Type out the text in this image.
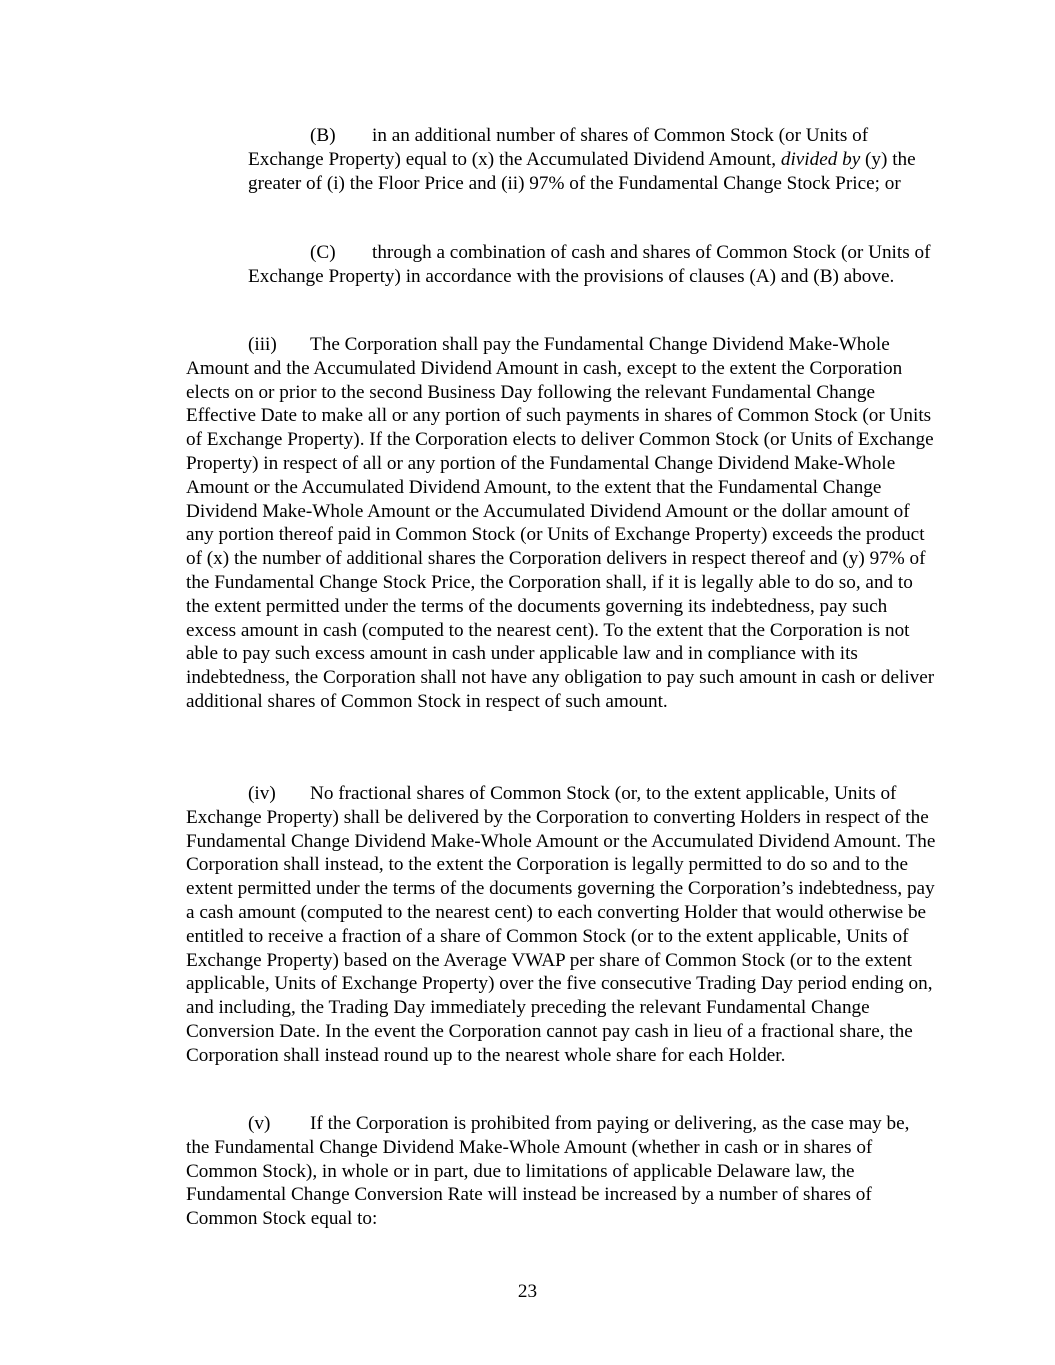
(B) in an additional number of shares of Common Stock (or Units of Exchange Property) equal to (x) the Accumulated Dividend Amount, divided by (y) the greater of (i) the Floor Price and (ii) 97% of the Fundamental Change Stock Price; or

(C) through a combination of cash and shares of Common Stock (or Units of Exchange Property) in accordance with the provisions of clauses (A) and (B) above.

(iii) The Corporation shall pay the Fundamental Change Dividend Make-Whole Amount and the Accumulated Dividend Amount in cash, except to the extent the Corporation elects on or prior to the second Business Day following the relevant Fundamental Change Effective Date to make all or any portion of such payments in shares of Common Stock (or Units of Exchange Property). If the Corporation elects to deliver Common Stock (or Units of Exchange Property) in respect of all or any portion of the Fundamental Change Dividend Make-Whole Amount or the Accumulated Dividend Amount, to the extent that the Fundamental Change Dividend Make-Whole Amount or the Accumulated Dividend Amount or the dollar amount of any portion thereof paid in Common Stock (or Units of Exchange Property) exceeds the product of (x) the number of additional shares the Corporation delivers in respect thereof and (y) 97% of the Fundamental Change Stock Price, the Corporation shall, if it is legally able to do so, and to the extent permitted under the terms of the documents governing its indebtedness, pay such excess amount in cash (computed to the nearest cent). To the extent that the Corporation is not able to pay such excess amount in cash under applicable law and in compliance with its indebtedness, the Corporation shall not have any obligation to pay such amount in cash or deliver additional shares of Common Stock in respect of such amount.

(iv) No fractional shares of Common Stock (or, to the extent applicable, Units of Exchange Property) shall be delivered by the Corporation to converting Holders in respect of the Fundamental Change Dividend Make-Whole Amount or the Accumulated Dividend Amount. The Corporation shall instead, to the extent the Corporation is legally permitted to do so and to the extent permitted under the terms of the documents governing the Corporation’s indebtedness, pay a cash amount (computed to the nearest cent) to each converting Holder that would otherwise be entitled to receive a fraction of a share of Common Stock (or to the extent applicable, Units of Exchange Property) based on the Average VWAP per share of Common Stock (or to the extent applicable, Units of Exchange Property) over the five consecutive Trading Day period ending on, and including, the Trading Day immediately preceding the relevant Fundamental Change Conversion Date. In the event the Corporation cannot pay cash in lieu of a fractional share, the Corporation shall instead round up to the nearest whole share for each Holder.

(v) If the Corporation is prohibited from paying or delivering, as the case may be, the Fundamental Change Dividend Make-Whole Amount (whether in cash or in shares of Common Stock), in whole or in part, due to limitations of applicable Delaware law, the Fundamental Change Conversion Rate will instead be increased by a number of shares of Common Stock equal to:

23
